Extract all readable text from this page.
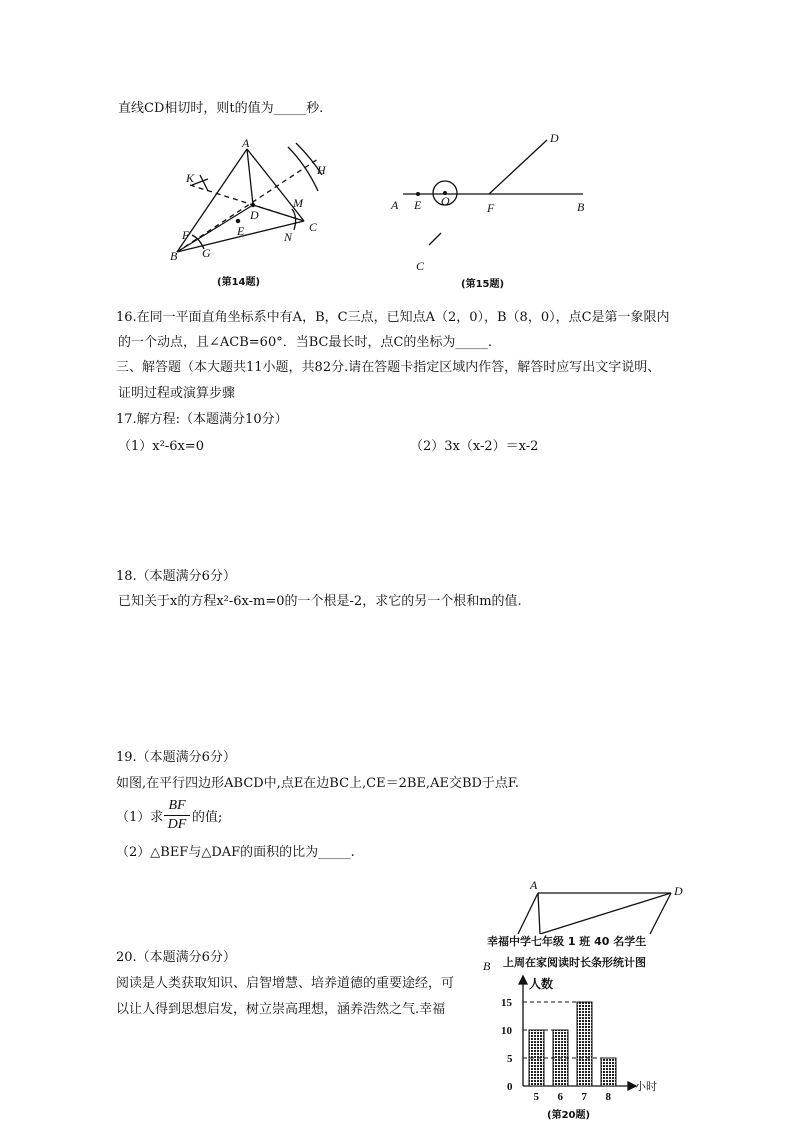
直线CD相切时，则t的值为_____秒.
A
B
C
D
E
F
G
H
K
M
N
(第14题)
A E O	F	B
C
D
(第15题)
16.在同一平面直角坐标系中有A，B，C三点，已知点A（2，0），B（8，0），点C是第一象限内
的一个动点，且∠ACB=60°．当BC最长时，点C的坐标为_____.
三、解答题（本大题共11小题，共82分.请在答题卡指定区域内作答，解答时应写出文字说明、
证明过程或演算步骤
17.解方程:（本题满分10分）
（1）x²-6x=0	（2）3x（x-2）＝x-2
18.（本题满分6分）
已知关于x的方程x²-6x-m=0的一个根是-2，求它的另一个根和m的值.
19.（本题满分6分）
如图,在平行四边形ABCD中,点E在边BC上,CE＝2BE,AE交BD于点F.
（1）求
BF
DF 的值;
（2）△BEF与△DAF的面积的比为_____.
A	D
B
幸福中学七年级 1 班 40 名学生
上周在家阅读时长条形统计图
20.（本题满分6分）
阅读是人类获取知识、启智增慧、培养道德的重要途经，可
以让人得到思想启发，树立崇高理想，涵养浩然之气.幸福
人数
小时
0
5
10
15
5 6 7 8
(第20题)
